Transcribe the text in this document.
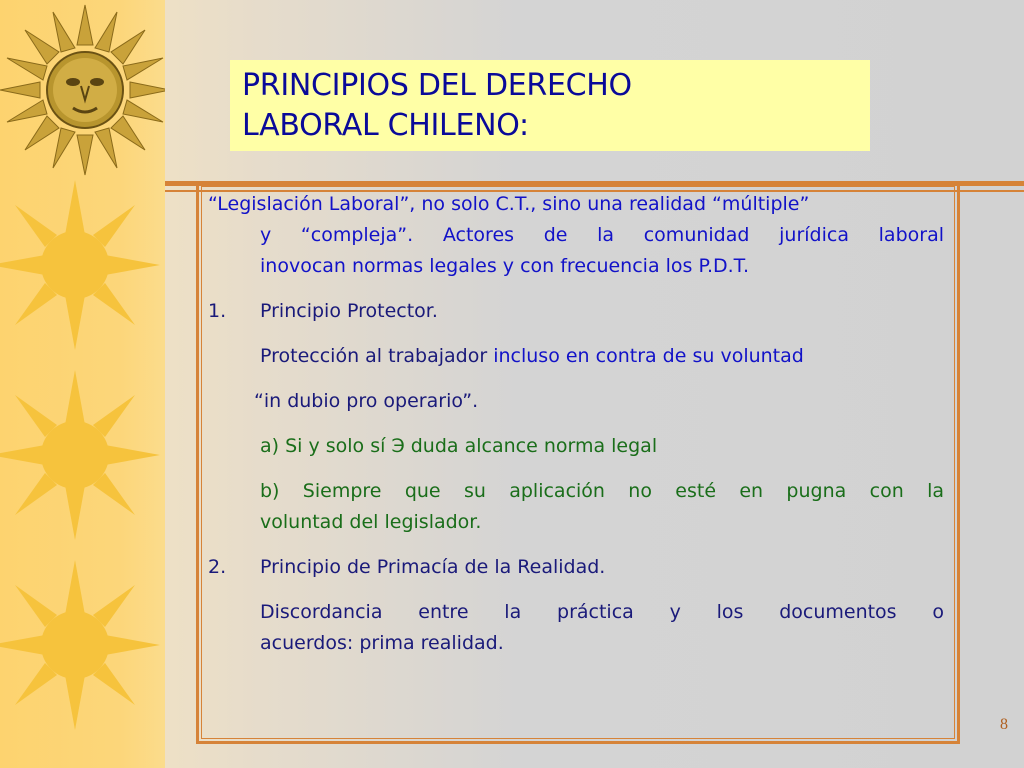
PRINCIPIOS DEL DERECHO
LABORAL CHILENO:
“Legislación Laboral”, no solo C.T., sino una realidad “múltiple”
y “compleja”. Actores de la comunidad jurídica laboral
inovocan normas legales y con frecuencia los P.D.T.
1. Principio Protector.
Protección al trabajador incluso en contra de su voluntad
“in dubio pro operario”.
a) Si y solo sí Э duda alcance norma legal
b) Siempre que su aplicación no esté en pugna con la
voluntad del legislador.
2. Principio de Primacía de la Realidad.
Discordancia entre la práctica y los documentos o
acuerdos: prima realidad.
8
